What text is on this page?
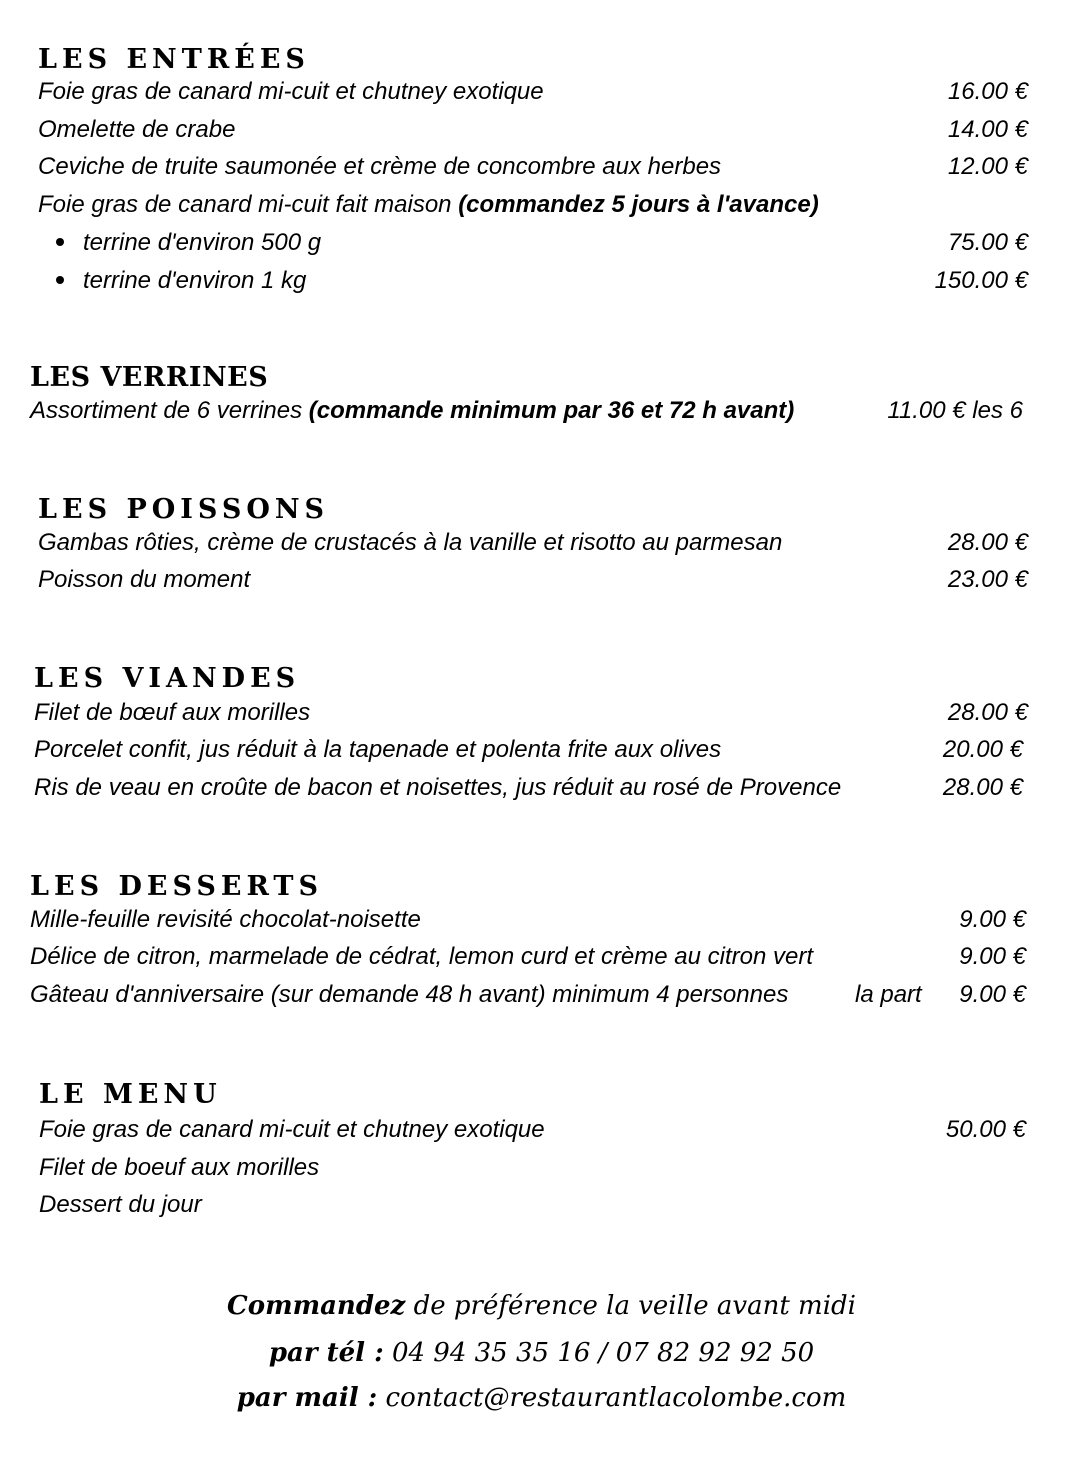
LES ENTRÉES
Foie gras de canard mi-cuit et chutney exotique	16.00 €
Omelette de crabe	14.00 €
Ceviche de truite saumonée et crème de concombre aux herbes	12.00 €
Foie gras de canard mi-cuit fait maison (commandez 5 jours à l'avance)
terrine d'environ 500 g	75.00 €
terrine d'environ 1 kg	150.00 €
LES VERRINES
Assortiment de 6 verrines (commande minimum par 36 et 72 h avant)	11.00 € les 6
LES POISSONS
Gambas rôties, crème de crustacés à la vanille et risotto au parmesan	28.00 €
Poisson du moment	23.00 €
LES VIANDES
Filet de bœuf aux morilles	28.00 €
Porcelet confit, jus réduit à la tapenade et polenta frite aux olives	20.00 €
Ris de veau en croûte de bacon et noisettes, jus réduit au rosé de Provence	28.00 €
LES DESSERTS
Mille-feuille revisité chocolat-noisette	9.00 €
Délice de citron, marmelade de cédrat, lemon curd et crème au citron vert	9.00 €
Gâteau d'anniversaire (sur demande 48 h avant) minimum 4 personnes	la part 9.00 €
LE MENU
Foie gras de canard mi-cuit et chutney exotique	50.00 €
Filet de boeuf aux morilles
Dessert du jour
Commandez de préférence la veille avant midi
par tél : 04 94 35 35 16 / 07 82 92 92 50
par mail : contact@restaurantlacolombe.com
